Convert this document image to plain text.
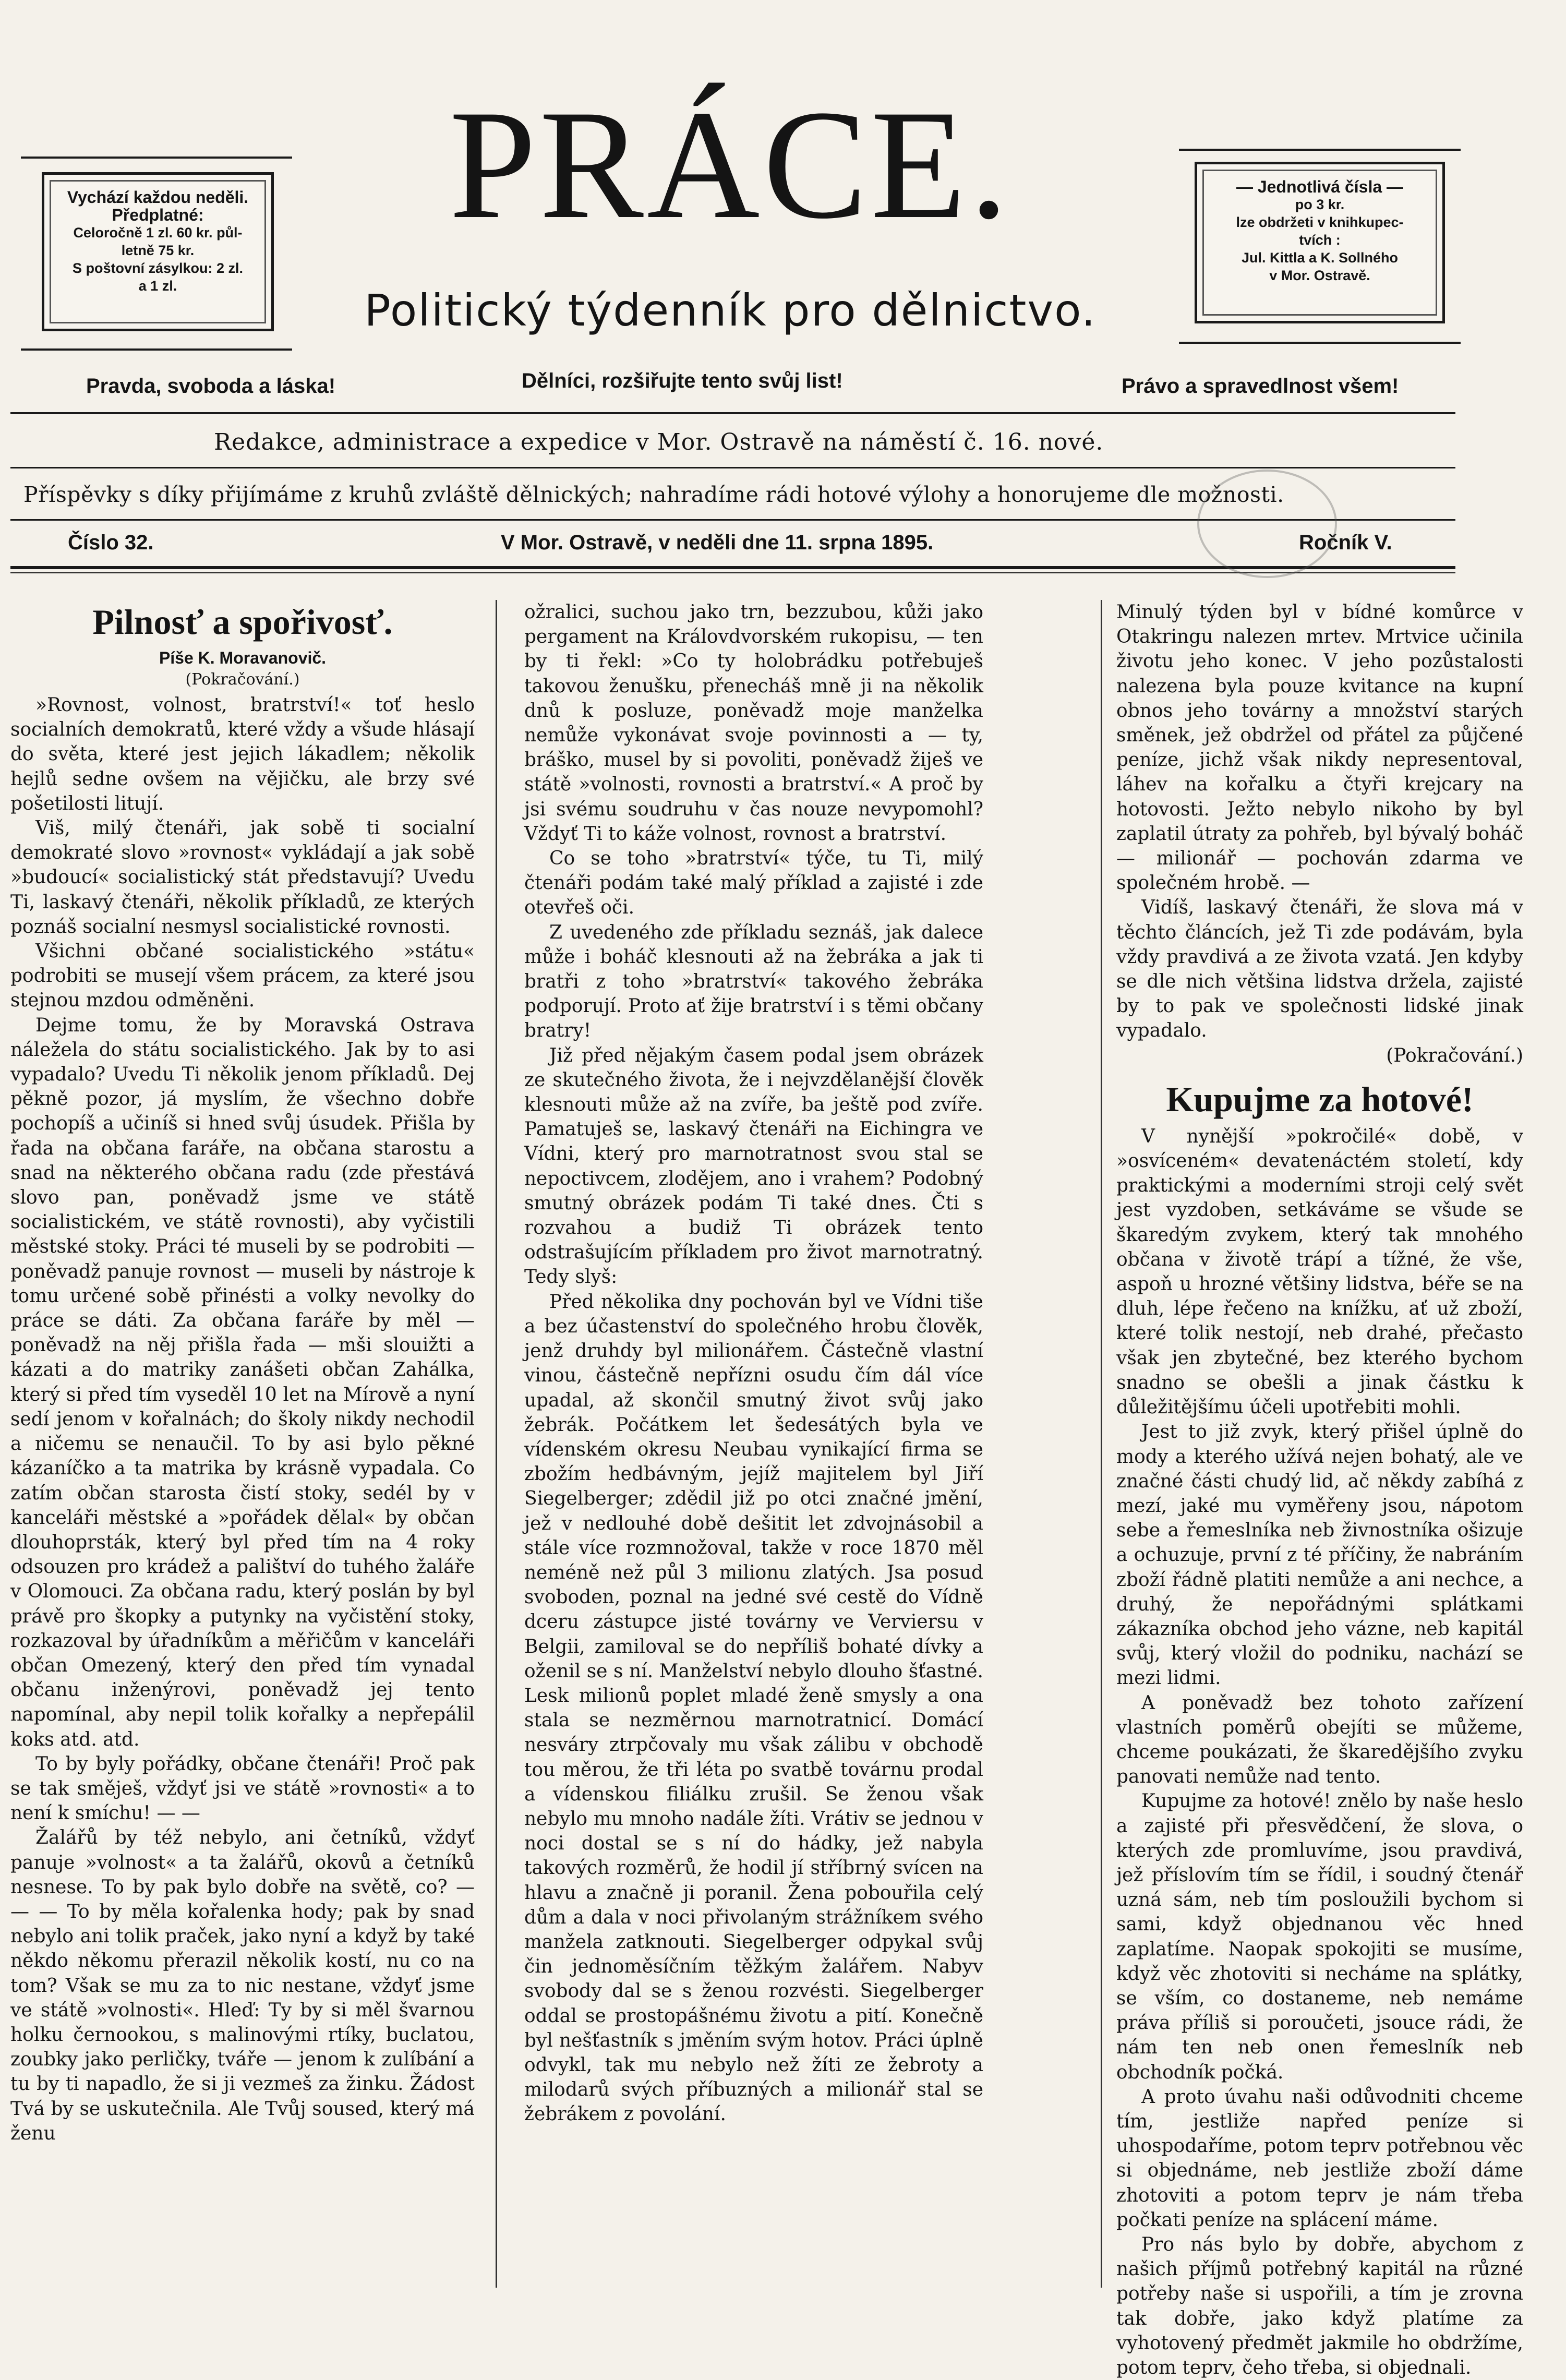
Vychází každou neděli.
Předplatné:
Celoročně 1 zl. 60 kr. půl-
letně 75 kr.
S poštovní zásylkou: 2 zl.
a 1 zl.
PRÁCE.
Politický týdenník pro dělnictvo.
— Jednotlivá čísla —
po 3 kr.
lze obdržeti v knihkupec-
tvích :
Jul. Kittla a K. Sollného
v Mor. Ostravě.
Pravda, svoboda a láska!	Dělníci, rozšiřujte tento svůj list!	Právo a spravedlnost všem!
Redakce, administrace a expedice v Mor. Ostravě na náměstí č. 16. nové.
Příspěvky s díky přijímáme z kruhů zvláště dělnických; nahradíme rádi hotové výlohy a honorujeme dle možnosti.
Číslo 32.	V Mor. Ostravě, v neděli dne 11. srpna 1895.	Ročník V.
Pilnosť a spořivosť.
Píše K. Moravanovič.
(Pokračování.)

»Rovnost, volnost, bratrství!« toť heslo socialních demokratů, které vždy a všude hlásají do světa, které jest jejich lákadlem; několik hejlů sedne ovšem na vějičku, ale brzy své pošetilosti litují.

Viš, milý čtenáři, jak sobě ti socialní demokraté slovo »rovnost« vykládají a jak sobě »budoucí« socialistický stát představují? Uvedu Ti, laskavý čtenáři, několik příkladů, ze kterých poznáš socialní nesmysl socialistické rovnosti.

Všichni občané socialistického »státu« podrobiti se musejí všem prácem, za které jsou stejnou mzdou odměněni.

Dejme tomu, že by Moravská Ostrava náležela do státu socialistického. Jak by to asi vypadalo? Uvedu Ti několik jenom příkladů. Dej pěkně pozor, já myslím, že všechno dobře pochopíš a učiníš si hned svůj úsudek. Přišla by řada na občana faráře, na občana starostu a snad na některého občana radu (zde přestává slovo pan, poněvadž jsme ve státě socialistickém, ve státě rovnosti), aby vyčistili městské stoky. Práci té museli by se podrobiti — poněvadž panuje rovnost — museli by nástroje k tomu určené sobě přinésti a volky nevolky do práce se dáti. Za občana faráře by měl — poněvadž na něj přišla řada — mši slouižti a kázati a do matriky zanášeti občan Zahálka, který si před tím vyseděl 10 let na Mírově a nyní sedí jenom v kořalnách; do školy nikdy nechodil a ničemu se nenaučil. To by asi bylo pěkné kázaníčko a ta matrika by krásně vypadala. Co zatím občan starosta čistí stoky, sedél by v kanceláři městské a »pořádek dělal« by občan dlouhoprsták, který byl před tím na 4 roky odsouzen pro krádež a palištví do tuhého žaláře v Olomouci. Za občana radu, který poslán by byl právě pro škopky a putynky na vyčistění stoky, rozkazoval by úřadníkům a měřičům v kanceláři občan Omezený, který den před tím vynadal občanu inženýrovi, poněvadž jej tento napomínal, aby nepil tolik kořalky a nepřepálil koks atd. atd.

To by byly pořádky, občane čtenáři! Proč pak se tak směješ, vždyť jsi ve státě »rovnosti« a to není k smíchu! — —

Žalářů by též nebylo, ani četníků, vždyť panuje »volnost« a ta žalářů, okovů a četníků nesnese. To by pak bylo dobře na světě, co? — — — To by měla kořalenka hody; pak by snad nebylo ani tolik praček, jako nyní a když by také někdo někomu přerazil několik kostí, nu co na tom? Však se mu za to nic nestane, vždyť jsme ve státě »volnosti«. Hleď: Ty by si měl švarnou holku černookou, s malinovými rtíky, buclatou, zoubky jako perličky, tváře — jenom k zulíbání a tu by ti napadlo, že si ji vezmeš za žinku. Žádost Tvá by se uskutečnila. Ale Tvůj soused, který má ženu

ožralici, suchou jako trn, bezzubou, kůži jako pergament na Královdvorském rukopisu, — ten by ti řekl: »Co ty holobrádku potřebuješ takovou ženušku, přenecháš mně ji na několik dnů k posluze, poněvadž moje manželka nemůže vykonávat svoje povinnosti a — ty, bráško, musel by si povoliti, poněvadž žiješ ve státě »volnosti, rovnosti a bratrství.« A proč by jsi svému soudruhu v čas nouze nevypomohl? Vždyť Ti to káže volnost, rovnost a bratrství.

Co se toho »bratrství« týče, tu Ti, milý čtenáři podám také malý příklad a zajisté i zde otevřeš oči.

Z uvedeného zde příkladu seznáš, jak dalece může i boháč klesnouti až na žebráka a jak ti bratři z toho »bratrství« takového žebráka podporují. Proto ať žije bratrství i s těmi občany bratry!

Již před nějakým časem podal jsem obrázek ze skutečného života, že i nejvzdělanější člověk klesnouti může až na zvíře, ba ještě pod zvíře. Pamatuješ se, laskavý čtenáři na Eichingra ve Vídni, který pro marnotratnost svou stal se nepoctivcem, zlodějem, ano i vrahem? Podobný smutný obrázek podám Ti také dnes. Čti s rozvahou a budiž Ti obrázek tento odstrašujícím příkladem pro život marnotratný. Tedy slyš:

Před několika dny pochován byl ve Vídni tiše a bez účastenství do společného hrobu člověk, jenž druhdy byl milionářem. Částečně vlastní vinou, částečně nepřízni osudu čím dál více upadal, až skončil smutný život svůj jako žebrák. Počátkem let šedesátých byla ve vídenském okresu Neubau vynikající firma se zbožím hedbávným, jejíž majitelem byl Jiří Siegelberger; zdědil již po otci značné jmění, jež v nedlouhé době dešitit let zdvojnásobil a stále více rozmnožoval, takže v roce 1870 měl neméně než půl 3 milionu zlatých. Jsa posud svoboden, poznal na jedné své cestě do Vídně dceru zástupce jisté továrny ve Verviersu v Belgii, zamiloval se do nepříliš bohaté dívky a oženil se s ní. Manželství nebylo dlouho šťastné. Lesk milionů poplet mladé ženě smysly a ona stala se nezměrnou marnotratnicí. Domácí nesváry ztrpčovaly mu však zálibu v obchodě tou měrou, že tři léta po svatbě továrnu prodal a vídenskou filiálku zrušil. Se ženou však nebylo mu mnoho nadále žíti. Vrátiv se jednou v noci dostal se s ní do hádky, jež nabyla takových rozměrů, že hodil jí stříbrný svícen na hlavu a značně ji poranil. Žena pobouřila celý dům a dala v noci přivolaným strážníkem svého manžela zatknouti. Siegelberger odpykal svůj čin jednoměsíčním těžkým žalářem. Nabyv svobody dal se s ženou rozvésti. Siegelberger oddal se prostopášnému životu a pití. Konečně byl nešťastník s jměním svým hotov. Práci úplně odvykl, tak mu nebylo než žíti ze žebroty a milodarů svých příbuzných a milionář stal se žebrákem z povolání.

Minulý týden byl v bídné komůrce v Otakringu nalezen mrtev. Mrtvice učinila životu jeho konec. V jeho pozůstalosti nalezena byla pouze kvitance na kupní obnos jeho továrny a množství starých směnek, jež obdržel od přátel za půjčené peníze, jichž však nikdy nepresentoval, láhev na kořalku a čtyři krejcary na hotovosti. Ježto nebylo nikoho by byl zaplatil útraty za pohřeb, byl bývalý boháč — milionář — pochován zdarma ve společném hrobě. —

Vidíš, laskavý čtenáři, že slova má v těchto článcích, jež Ti zde podávám, byla vždy pravdivá a ze života vzatá. Jen kdyby se dle nich většina lidstva držela, zajisté by to pak ve společnosti lidské jinak vypadalo.

(Pokračování.)

Kupujme za hotové!

V nynější »pokročilé« době, v »osvíceném« devatenáctém století, kdy praktickými a moderními stroji celý svět jest vyzdoben, setkáváme se všude se škaredým zvykem, který tak mnohého občana v životě trápí a tížné, že vše, aspoň u hrozné většiny lidstva, béře se na dluh, lépe řečeno na knížku, ať už zboží, které tolik nestojí, neb drahé, přečasto však jen zbytečné, bez kterého bychom snadno se obešli a jinak částku k důležitějšímu účeli upotřebiti mohli.

Jest to již zvyk, který přišel úplně do mody a kterého užívá nejen bohatý, ale ve značné části chudý lid, ač někdy zabíhá z mezí, jaké mu vyměřeny jsou, nápotom sebe a řemeslníka neb živnostníka ošizuje a ochuzuje, první z té příčiny, že nabráním zboží řádně platiti nemůže a ani nechce, a druhý, že nepořádnými splátkami zákazníka obchod jeho vázne, neb kapitál svůj, který vložil do podniku, nachází se mezi lidmi.

A poněvadž bez tohoto zařízení vlastních poměrů obejíti se můžeme, chceme poukázati, že škaredějšího zvyku panovati nemůže nad tento.

Kupujme za hotové! znělo by naše heslo a zajisté při přesvědčení, že slova, o kterých zde promluvíme, jsou pravdivá, jež příslovím tím se řídil, i soudný čtenář uzná sám, neb tím posloužili bychom si sami, když objednanou věc hned zaplatíme. Naopak spokojiti se musíme, když věc zhotoviti si necháme na splátky, se vším, co dostaneme, neb nemáme práva příliš si poroučeti, jsouce rádi, že nám ten neb onen řemeslník neb obchodník počká.

A proto úvahu naši odůvodniti chceme tím, jestliže napřed peníze si uhospodaříme, potom teprv potřebnou věc si objednáme, neb jestliže zboží dáme zhotoviti a potom teprv je nám třeba počkati peníze na splácení máme.

Pro nás bylo by dobře, abychom z našich příjmů potřebný kapitál na různé potřeby naše si uspořili, a tím je zrovna tak dobře, jako když platíme za vyhotovený předmět jakmile ho obdržíme, potom teprv, čeho třeba, si objednali.
